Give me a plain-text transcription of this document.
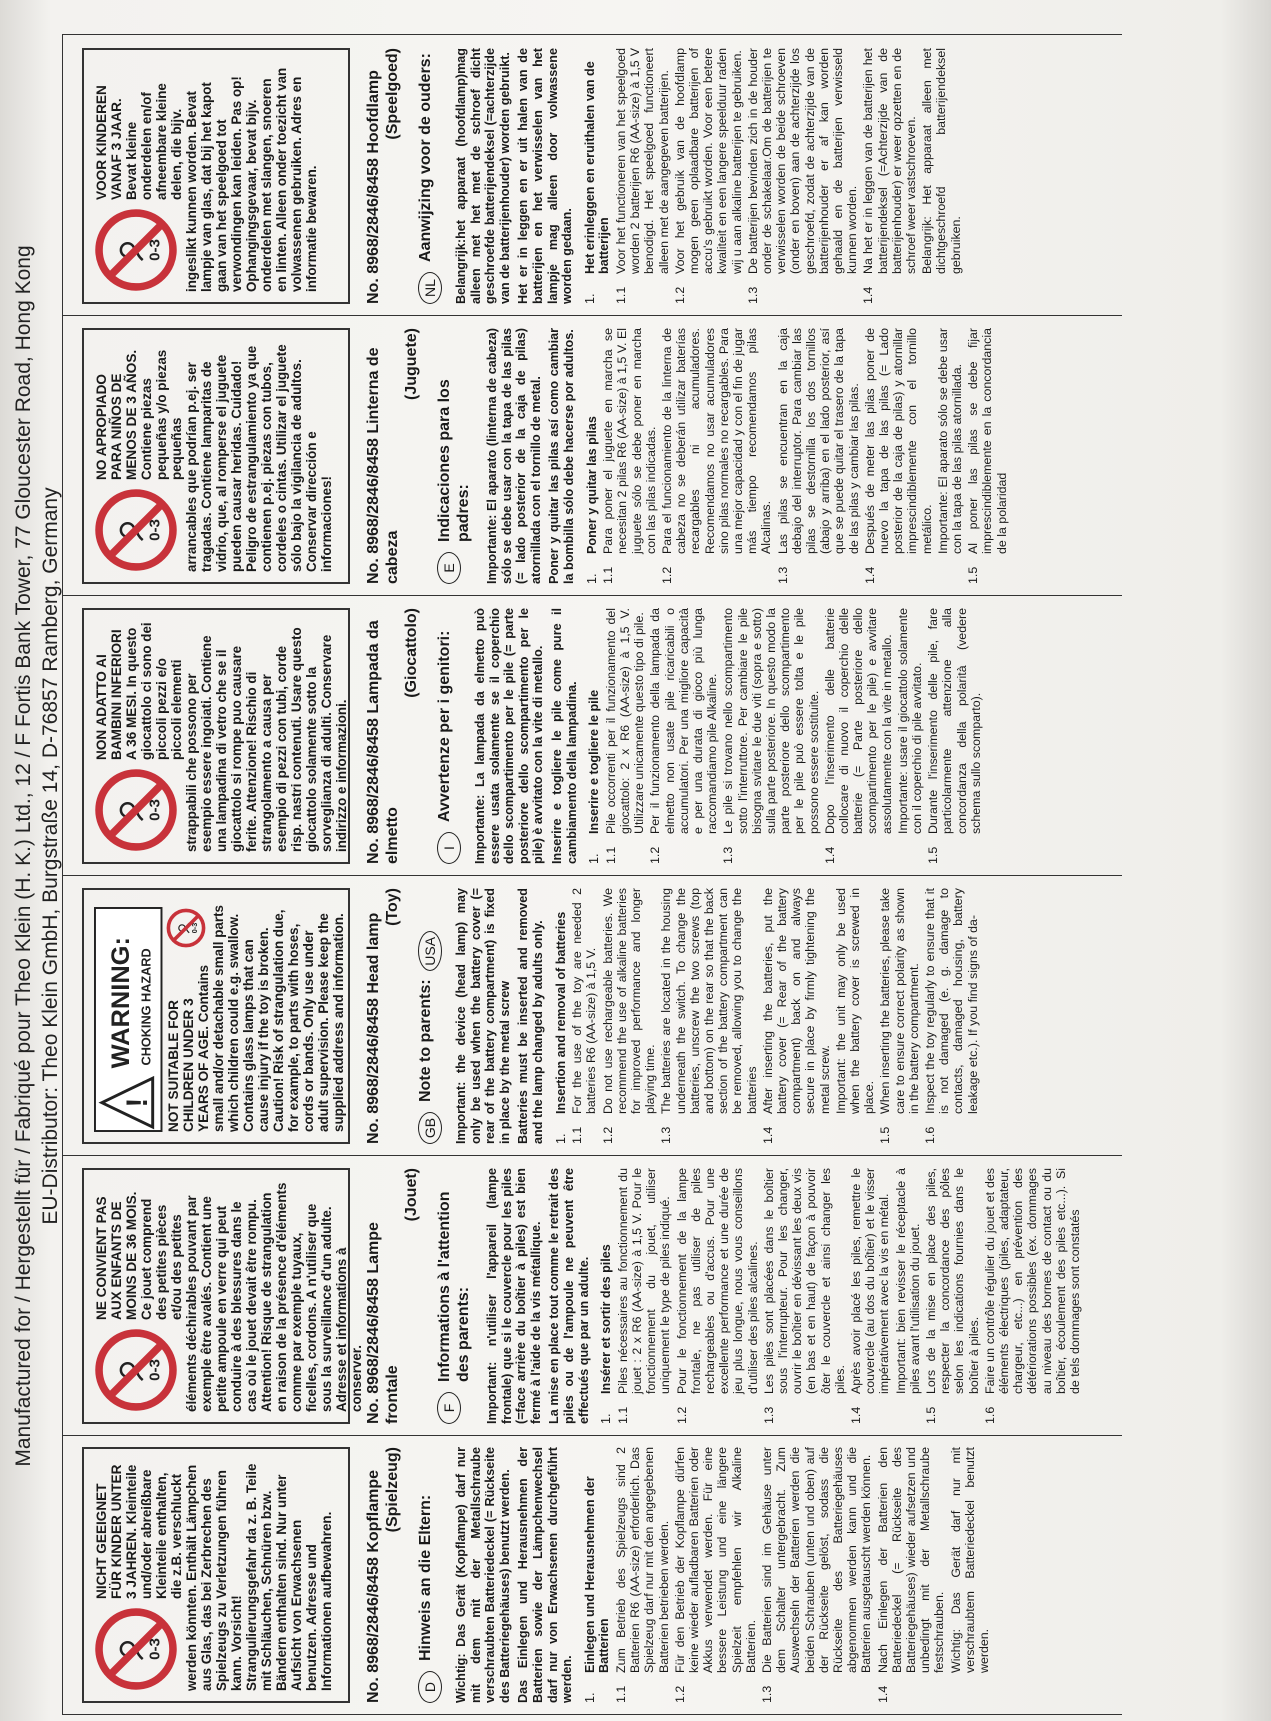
Manufactured for / Hergestellt für / Fabriqué pour Theo Klein (H. K.) Ltd., 12 / F Fortis Bank Tower, 77 Gloucester Road, Hong Kong EU-Distributor: Theo Klein GmbH, Burgstraße 14, D-76857 Ramberg, Germany
0-3
NICHT GEEIGNET FÜR KINDER UNTER 3 JAHREN. Kleinteile und/oder abreißbare Kleinteile enthalten, die z.B. verschluckt werden könnten. Enthält Lämpchen aus Glas, das bei Zerbrechen des Spielzeugs zu Verletzungen führen kann. Vorsicht! Strangulierungsgefahr da z. B. Teile mit Schläuchen, Schnüren bzw. Bändern enthalten sind. Nur unter Aufsicht von Erwachsenen benutzen. Adresse und Informationen aufbewahren.	No. 8968/2846/8458 Kopflampe (Spielzeug)
D
Hinweis an die Eltern: Wichtig: Das Gerät (Kopflampe) darf nur mit dem mit der Metallschraube verschraubten Batteriedeckel (= Rückseite des Batteriegehäuses) benutzt werden. Das Einlegen und Herausnehmen der Batterien sowie der Lämpchenwechsel darf nur von Erwachsenen durchgeführt werden. 1.
Einlegen und Herausnehmen der Batterien
1.1
Zum Betrieb des Spielzeugs sind 2 Batterien R6 (AA-size) erforderlich. Das Spielzeug darf nur mit den angegebenen Batterien betrieben werden.
1.2
Für den Betrieb der Kopflampe dürfen keine wieder aufladbaren Batterien oder Akkus verwendet werden. Für eine bessere Leistung und eine längere Spielzeit empfehlen wir Alkaline Batterien.
1.3
Die Batterien sind im Gehäuse unter dem Schalter untergebracht. Zum Auswechseln der Batterien werden die beiden Schrauben (unten und oben) auf der Rückseite gelöst, sodass die Rückseite des Batteriegehäuses abgenommen werden kann und die Batterien ausgetauscht werden können.
1.4
Nach Einlegen der Batterien den Batteriedeckel (= Rückseite des Batteriegehäuses) wieder aufsetzen und unbedingt mit der Metallschraube festschrauben. Wichtig: Das Gerät darf nur mit verschraubtem Batteriedeckel benutzt werden.
0-3
NE CONVIENT PAS AUX ENFANTS DE MOINS DE 36 MOIS. Ce jouet comprend des petites pièces et/ou des petites éléments déchirables pouvant par exemple être avalés. Contient une petite ampoule en verre qui peut conduire à des blessures dans le cas où le jouet devait être rompu. Attention! Risque de strangulation en raison de la présence d'éléments comme par exemple tuyaux, ficelles, cordons. A n'utiliser que sous la surveillance d'un adulte. Adresse et informations à conserver. No. 8968/2846/8458 Lampe frontale
(Jouet)
F
Informations à l'attention des parents: Important: n'utiliser l'appareil (lampe frontale) que si le couvercle pour les piles (=face arrière du boîtier à piles) est bien fermé à l'aide de la vis métallique. La mise en place tout comme le retrait des piles ou de l'ampoule ne peuvent être effectués que par un adulte. 1.
Insérer et sortir des piles
1.1
Piles nécessaires au fonctionnement du jouet : 2 x R6 (AA-size) à 1,5 V. Pour le fonctionnement du jouet, utiliser uniquement le type de piles indiqué.
1.2
Pour le fonctionnement de la lampe frontale, ne pas utiliser de piles rechargeables ou d'accus. Pour une excellente performance et une durée de jeu plus longue, nous vous conseillons d'utiliser des piles alcalines.
1.3
Les piles sont placées dans le boîtier sous l'interrupteur. Pour les changer, ouvrir le boîtier en dévissant les deux vis (en bas et en haut) de façon à pouvoir ôter le couvercle et ainsi changer les piles.
1.4
Après avoir placé les piles, remettre le couvercle (au dos du boîtier) et le visser impérativement avec la vis en métal. Important: bien revisser le réceptacle à piles avant l'utilisation du jouet.
1.5
Lors de la mise en place des piles, respecter la concordance des pôles selon les indications fournies dans le boîtier à piles.
1.6
Faire un contrôle régulier du jouet et des éléments électriques (piles, adaptateur, chargeur, etc...) en prévention des détériorations possibles (ex. dommages au niveau des bornes de contact ou du boîtier, écoulement des piles etc...). Si de tels dommages sont constatés
!
WARNING: CHOKING HAZARD
0-3
NOT SUITABLE FOR CHILDREN UNDER 3 YEARS OF AGE. Contains small and/or detachable small parts which children could e.g. swallow. Contains glass lamps that can cause injury if the toy is broken. Caution! Risk of strangulation due, for example, to parts with hoses, cords or bands. Only use under adult supervision. Please keep the supplied address and information. No. 8968/2846/8458 Head lamp
(Toy)
GB
Note to parents:
USA	Important: the device (head lamp) may only be used when the battery cover (= rear of the battery compartment) is fixed in place by the metal screw Batteries must be inserted and removed and the lamp changed by adults only. 1.
Insertion and removal of batteries
1.1
For the use of the toy are needed 2 batteries R6 (AA-size) à 1,5 V.
1.2
Do not use rechargeable batteries. We recommend the use of alkaline batteries for improved performance and longer playing time.
1.3
The batteries are located in the housing underneath the switch. To change the batteries, unscrew the two screws (top and bottom) on the rear so that the back section of the battery compartment can be removed, allowing you to change the batteries
1.4
After inserting the batteries, put the battery cover (= Rear of the battery compartment) back on and always secure in place by firmly tightening the metal screw. Important: the unit may only be used when the battery cover is screwed in place.
1.5
When inserting the batteries, please take care to ensure correct polarity as shown in the battery compartment.
1.6
Inspect the toy regularly to ensure that it is not damaged (e. g. damage to contacts, damaged housing, battery leakage etc.). If you find signs of da-
0-3
NON ADATTO AI BAMBINI INFERIORI A 36 MESI. In questo giocattolo ci sono dei piccoli pezzi e/o piccoli elementi strappabili che possono per esempio essere ingoiati. Contiene una lampadina di vetro che se il giocattolo si rompe puo causare ferite. Attenzione! Rischio di strangolamento a causa per esempio di pezzi con tubi, corde risp. nastri contenuti. Usare questo giocattolo solamente sotto la sorveglianza di adulti. Conservare indirizzo e informazioni. No. 8968/2846/8458 Lampada da elmetto
(Giocattolo)
I
Avvertenze per i genitori: Importante: La lampada da elmetto può essere usata solamente se il coperchio dello scompartimento per le pile (= parte posteriore dello scompartimento per le pile) è avvitato con la vite di metallo. Inserire e togliere le pile come pure il cambiamento della lampadina. 1.
Inserire e togliere le pile
1.1
Pile occorrenti per il funzionamento del giocattolo: 2 x R6 (AA-size) à 1,5 V. Utilizzare unicamente questo tipo di pile.
1.2
Per il funzionamento della lampada da elmetto non usate pile ricaricabili o accumulatori. Per una migliore capacità e per una durata di gioco più lunga raccomandiamo pile Alkaline.
1.3
Le pile si trovano nello scompartimento sotto l'interruttore. Per cambiare le pile bisogna svitare le due viti (sopra e sotto) sulla parte posteriore. In questo modo la parte posteriore dello scompartimento per le pile può essere tolta e le pile possono essere sostituite.
1.4
Dopo l'inserimento delle batterie collocare di nuovo il coperchio delle batterie (= Parte posteriore dello scompartimento per le pile) e avvitare assolutamente con la vite in metallo. Importante: usare il giocattolo solamente con il coperchio di pile avvitato.
1.5
Durante l'inserimento delle pile, fare particolarmente attenzione alla concordanza della polarità (vedere schema sullo scomparto).
0-3
NO APROPIADO PARA NIÑOS DE MENOS DE 3 AÑOS. Contiene piezas pequeñas y/o piezas pequeñas arrancables que podrían p.ej. ser tragadas. Contiene lamparitas de vidrio, que, al romperse el juguete pueden causar heridas. Cuidado! Peligro de estrangulamiento ya que contienen p.ej. piezas con tubos, cordeles o cintas. Utilizar el juguete sólo bajo la vigilancia de adultos. Conservar dirección e informaciones!	No. 8968/2846/8458 Linterna de cabeza
(Juguete)
E
Indicaciones para los padres: Importante: El aparato (linterna de cabeza) sólo se debe usar con la tapa de las pilas (= lado posterior de la caja de pilas) atornillada con el tornillo de metal. Poner y quitar las pilas así como cambiar la bombilla sólo debe hacerse por adultos. 1.
Poner y quitar las pilas
1.1
Para poner el juguete en marcha se necesitan 2 pilas R6 (AA-size) à 1,5 V. El juguete sólo se debe poner en marcha con las pilas indicadas.
1.2
Para el funcionamiento de la linterna de cabeza no se deberán utilizar baterías recargables ni acumuladores. Recomendamos no usar acumuladores sino pilas normales no recargables. Para una mejor capacidad y con el fin de jugar más tiempo recomendamos pilas Alcalinas.
1.3
Las pilas se encuentran en la caja debajo del interruptor. Para cambiar las pilas se destornilla los dos tornillos (abajo y arriba) en el lado posterior, así que se puede quitar el trasero de la tapa de las pilas y cambiar las pilas.
1.4
Después de meter las pilas poner de nuevo la tapa de las pilas (= Lado posterior de la caja de pilas) y atornillar imprescindiblemente con el tornillo metálico. Importante: El aparato sólo se debe usar con la tapa de las pilas atornillada.
1.5
Al poner las pilas se debe fijar imprescindiblemente en la concordancia de la polaridad
0-3
VOOR KINDEREN VANAF 3 JAAR. Bevat kleine onderdelen en/of afneembare kleine delen, die bijv. ingeslikt kunnen worden. Bevat lampje van glas, dat bij het kapot gaan van het speelgoed tot verwondingen kan leiden. Pas op! Ophangingsgevaar, bevat bijv. onderdelen met slangen, snoeren en linten. Alleen onder toezicht van volwassenen gebruiken. Adres en informatie bewaren.	No. 8968/2846/8458 Hoofdlamp (Speelgoed)
NL
Aanwijzing voor de ouders: Belangrijk:het apparaat (hoofdlamp)mag alleen met het met de schroef dicht geschroefde batterijendeksel (=achterzijde van de batterijenhouder) worden gebruikt. Het er in leggen en er uit halen van de batterijen en het verwisselen van het lampje mag alleen door volwassene worden gedaan. 1.
Het erinleggen en eruithalen van de batterijen
1.1
Voor het functioneren van het speelgoed worden 2 batterijen R6 (AA-size) à 1,5 V benodigd. Het speelgoed functioneert alleen met de aangegeven batterijen.
1.2
Voor het gebruik van de hoofdlamp mogen geen oplaadbare batterijen of accu's gebruikt worden. Voor een betere kwaliteit en een langere speelduur raden wij u aan alkaline batterijen te gebruiken.
1.3
De batterijen bevinden zich in de houder onder de schakelaar.Om de batterijen te verwisselen worden de beide schroeven (onder en boven) aan de achterzijde los geschroefd, zodat de achterzijde van de batterijenhouder er af kan worden gehaald en de batterijen verwisseld kunnen worden.
1.4
Na het er in leggen van de batterijen het batterijendeksel (=Achterzijde van de batterijenhouder) er weer opzetten en de schroef weer vastschroeven. Belangrijk: Het apparaat alleen met dichtgeschroefd batterijendeksel gebruiken.
